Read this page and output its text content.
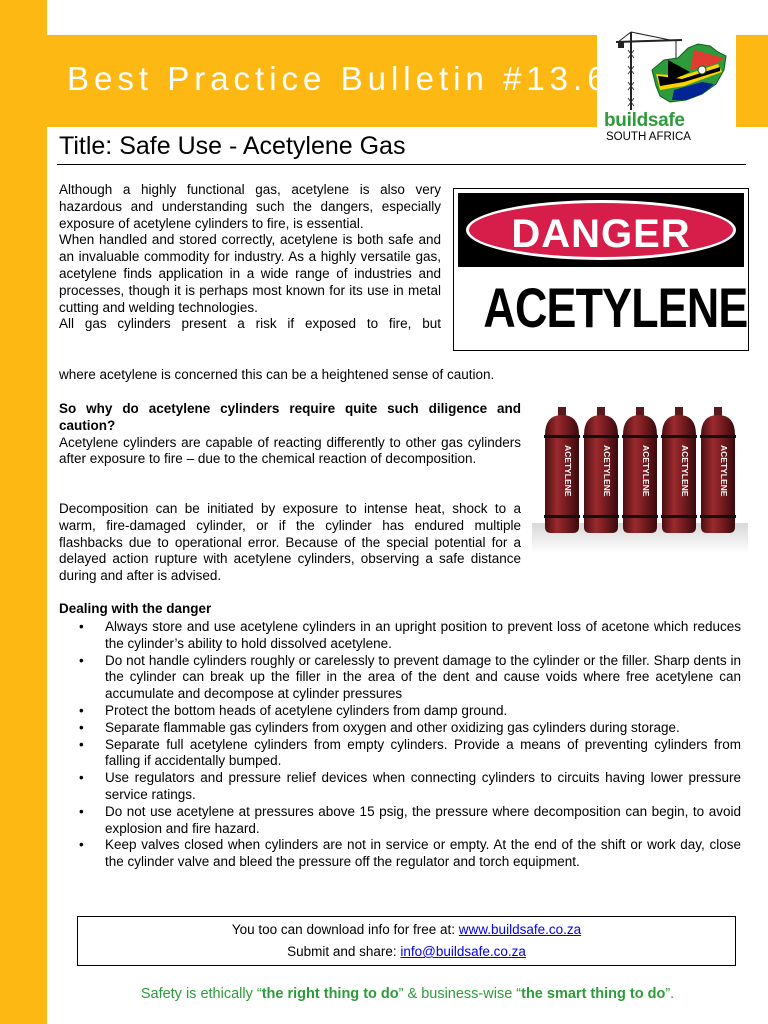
Best Practice Bulletin #13.67
buildsafe
SOUTH AFRICA
Title: Safe Use - Acetylene Gas
Although a highly functional gas, acetylene is also very hazardous and understanding such the dangers, especially exposure of acetylene cylinders to fire, is essential.
When handled and stored correctly, acetylene is both safe and an invaluable commodity for industry. As a highly versatile gas, acetylene finds application in a wide range of industries and processes, though it is perhaps most known for its use in metal cutting and welding technologies.
All gas cylinders present a risk if exposed to fire, but
where acetylene is concerned this can be a heightened sense of caution.
DANGER
ACETYLENE
So why do acetylene cylinders require quite such diligence and caution?
Acetylene cylinders are capable of reacting differently to other gas cylinders after exposure to fire – due to the chemical reaction of decomposition.	ACETYLENE	ACETYLENE	ACETYLENE	ACETYLENE	ACETYLENE
Decomposition can be initiated by exposure to intense heat, shock to a warm, fire-damaged cylinder, or if the cylinder has endured multiple flashbacks due to operational error. Because of the special potential for a delayed action rupture with acetylene cylinders, observing a safe distance during and after is advised.
Dealing with the danger
• Always store and use acetylene cylinders in an upright position to prevent loss of acetone which reduces the cylinder’s ability to hold dissolved acetylene.
• Do not handle cylinders roughly or carelessly to prevent damage to the cylinder or the filler. Sharp dents in the cylinder can break up the filler in the area of the dent and cause voids where free acetylene can accumulate and decompose at cylinder pressures
• Protect the bottom heads of acetylene cylinders from damp ground.
• Separate flammable gas cylinders from oxygen and other oxidizing gas cylinders during storage.
• Separate full acetylene cylinders from empty cylinders. Provide a means of preventing cylinders from falling if accidentally bumped.
• Use regulators and pressure relief devices when connecting cylinders to circuits having lower pressure service ratings.
• Do not use acetylene at pressures above 15 psig, the pressure where decomposition can begin, to avoid explosion and fire hazard.
• Keep valves closed when cylinders are not in service or empty. At the end of the shift or work day, close the cylinder valve and bleed the pressure off the regulator and torch equipment.
You too can download info for free at: www.buildsafe.co.za
Submit and share: info@buildsafe.co.za
Safety is ethically “the right thing to do” & business-wise “the smart thing to do”.
